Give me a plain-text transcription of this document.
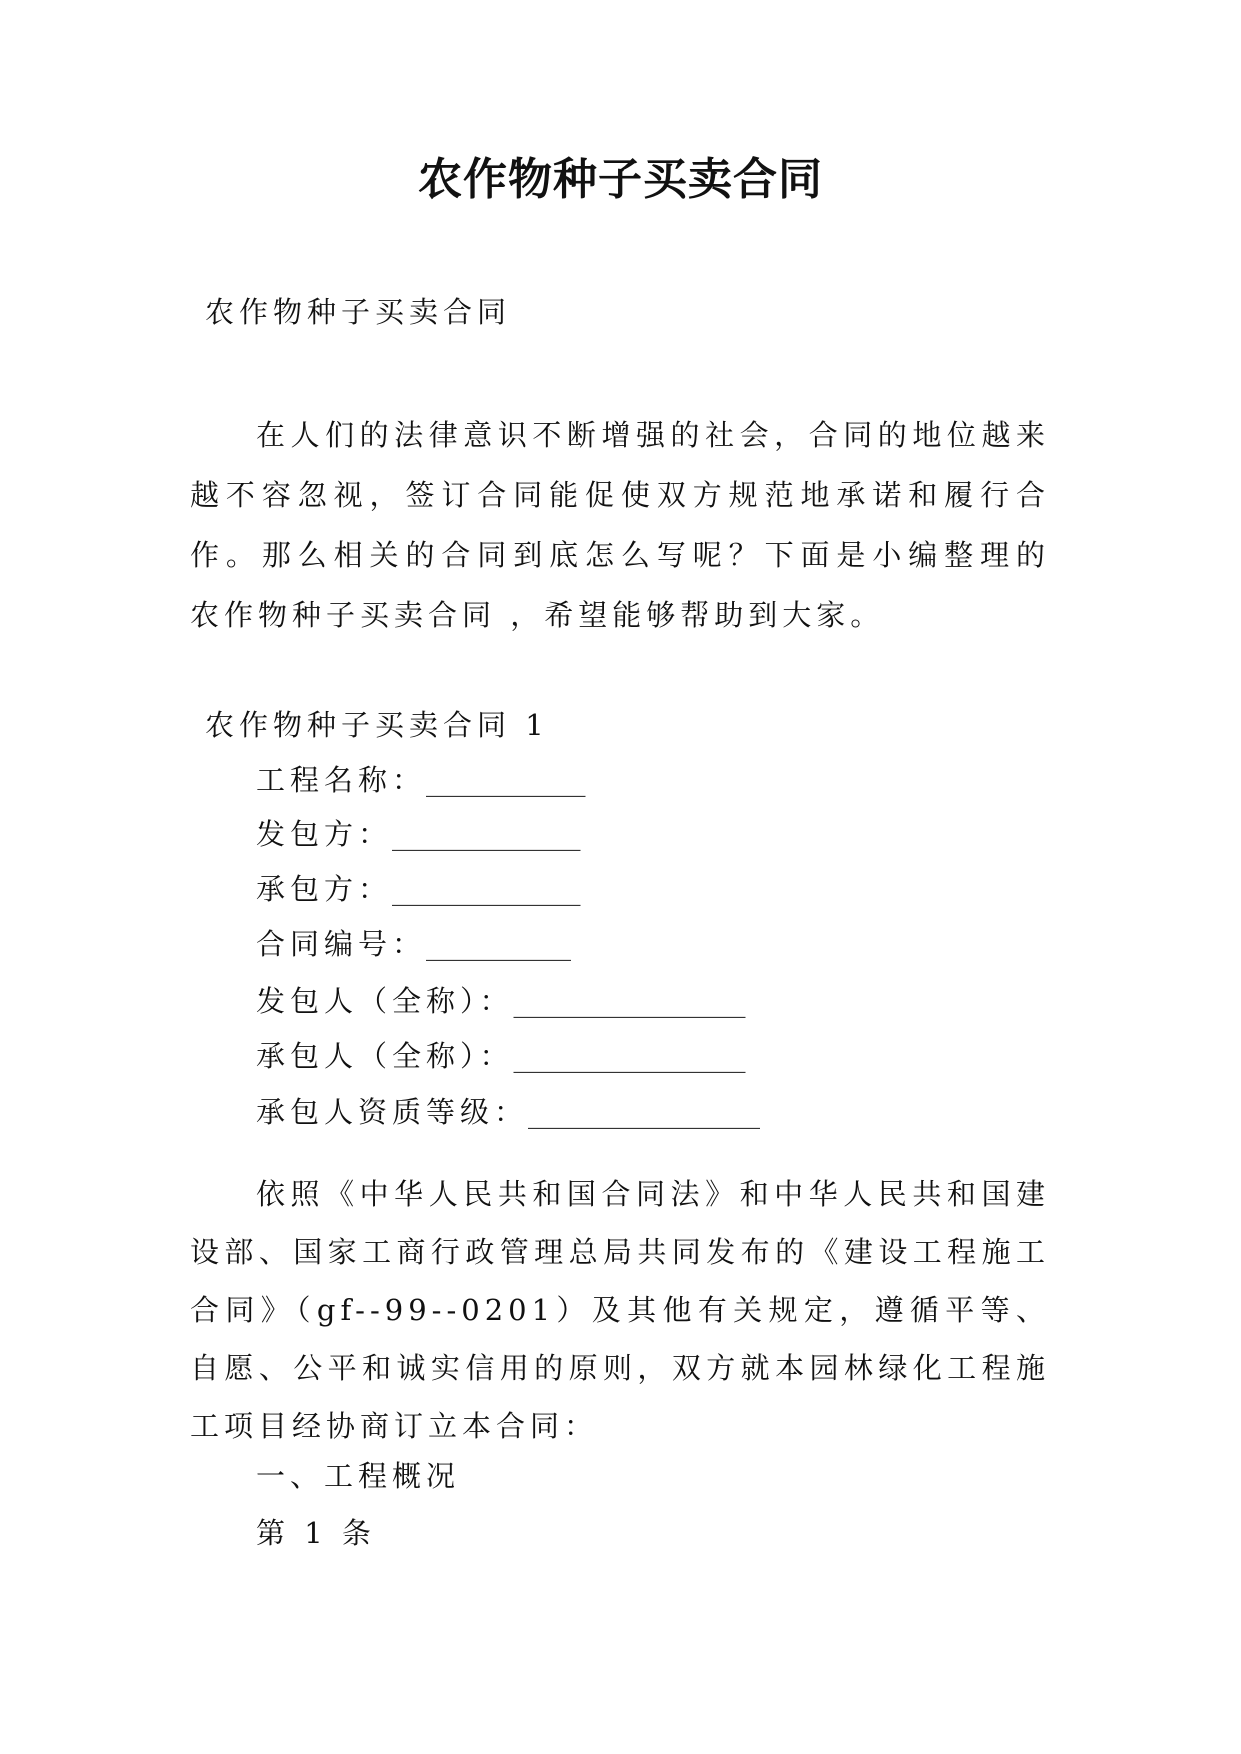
农作物种子买卖合同
农作物种子买卖合同
在人们的法律意识不断增强的社会，合同的地位越来越不容忽视，签订合同能促使双方规范地承诺和履行合作。那么相关的合同到底怎么写呢？下面是小编整理的 农作物种子买卖合同 ，希望能够帮助到大家。
农作物种子买卖合同 1
工程名称：___________
发包方：_____________
承包方：_____________
合同编号：__________
发包人（全称）：________________
承包人（全称）：________________
承包人资质等级：________________
依照《中华人民共和国合同法》和中华人民共和国建设部、国家工商行政管理总局共同发布的《建设工程施工合同》（gf--99--0201）及其他有关规定，遵循平等、自愿、公平和诚实信用的原则，双方就本园林绿化工程施工项目经协商订立本合同：
一、工程概况
第 1 条
